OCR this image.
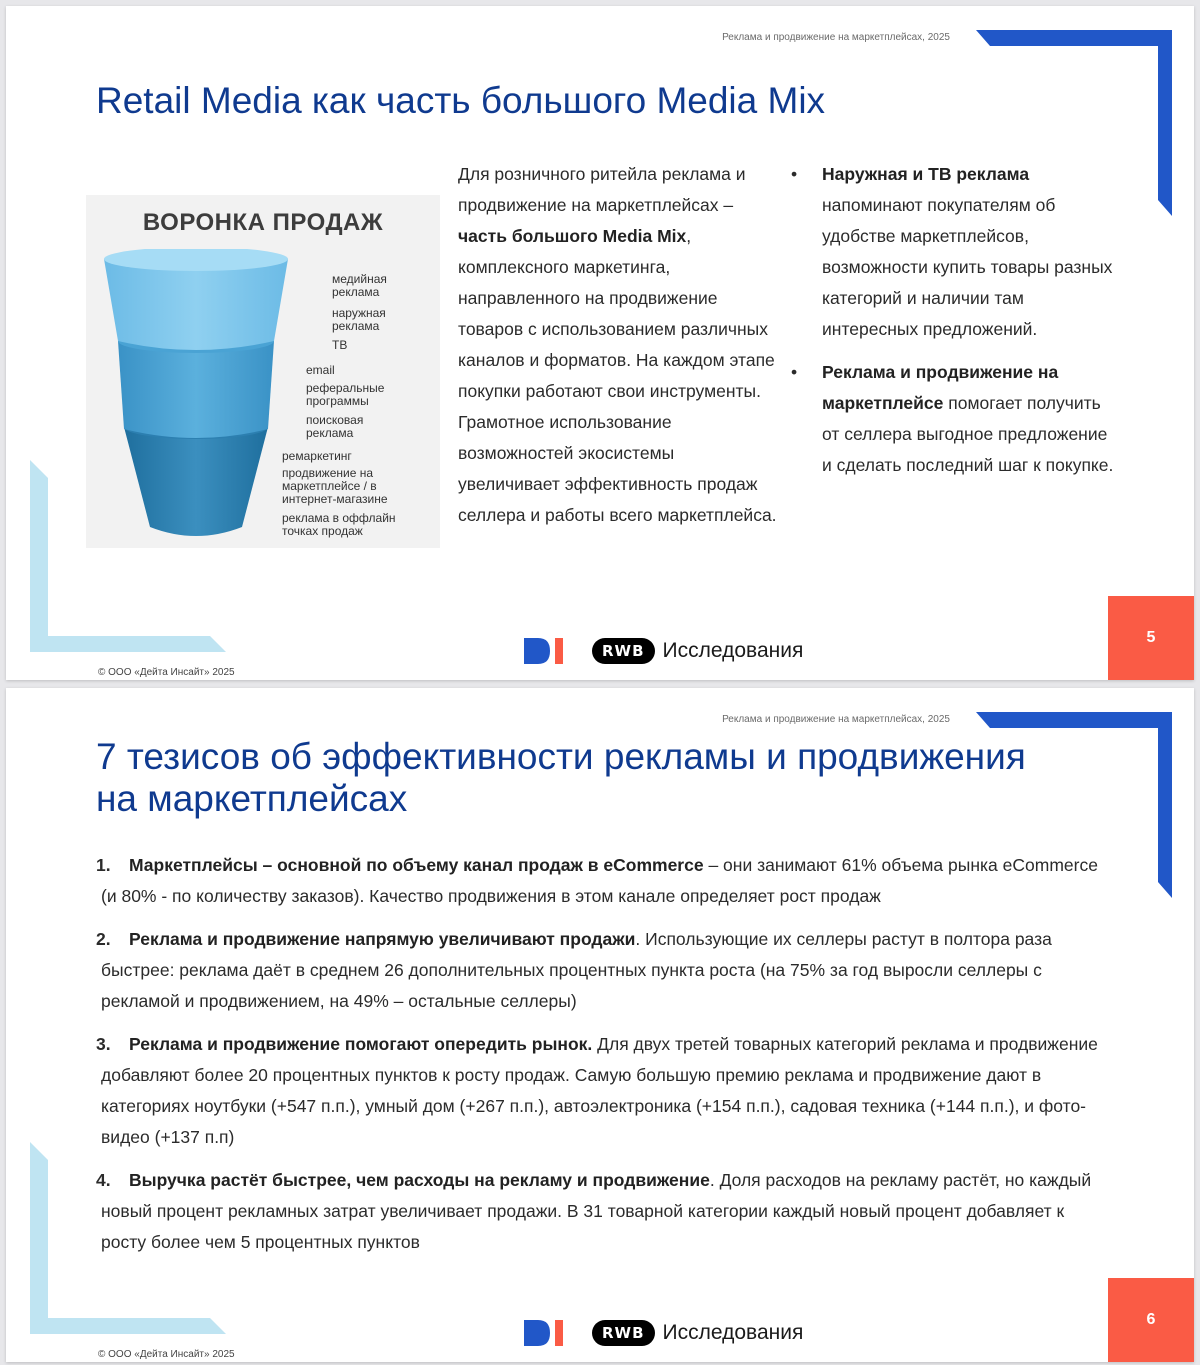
Реклама и продвижение на маркетплейсах, 2025
Retail Media как часть большого Media Mix
ВОРОНКА ПРОДАЖ
медийная реклама
наружная реклама
ТВ
email
реферальные программы
поисковая реклама
ремаркетинг
продвижение на маркетплейсе / в интернет-магазине
реклама в оффлайн точках продаж
Для розничного ритейла реклама и продвижение на маркетплейсах – часть большого Media Mix, комплексного маркетинга, направленного на продвижение товаров с использованием различных каналов и форматов. На каждом этапе покупки работают свои инструменты. Грамотное использование возможностей экосистемы увеличивает эффективность продаж селлера и работы всего маркетплейса.
• Наружная и ТВ реклама напоминают покупателям об удобстве маркетплейсов, возможности купить товары разных категорий и наличии там интересных предложений.
• Реклама и продвижение на маркетплейсе помогает получить от селлера выгодное предложение и сделать последний шаг к покупке.
RWB Исследования
© ООО «Дейта Инсайт» 2025
5
Реклама и продвижение на маркетплейсах, 2025
7 тезисов об эффективности рекламы и продвижения
на маркетплейсах
1. Маркетплейсы – основной по объему канал продаж в eCommerce – они занимают 61% объема рынка eCommerce (и 80% - по количеству заказов). Качество продвижения в этом канале определяет рост продаж
2. Реклама и продвижение напрямую увеличивают продажи. Использующие их селлеры растут в полтора раза быстрее: реклама даёт в среднем 26 дополнительных процентных пункта роста (на 75% за год выросли селлеры с рекламой и продвижением, на 49% – остальные селлеры)
3. Реклама и продвижение помогают опередить рынок. Для двух третей товарных категорий реклама и продвижение добавляют более 20 процентных пунктов к росту продаж. Самую большую премию реклама и продвижение дают в категориях ноутбуки (+547 п.п.), умный дом (+267 п.п.), автоэлектроника (+154 п.п.), садовая техника (+144 п.п.), и фото-видео (+137 п.п)
4. Выручка растёт быстрее, чем расходы на рекламу и продвижение. Доля расходов на рекламу растёт, но каждый новый процент рекламных затрат увеличивает продажи. В 31 товарной категории каждый новый процент добавляет к росту более чем 5 процентных пунктов
RWB Исследования
© ООО «Дейта Инсайт» 2025
6
